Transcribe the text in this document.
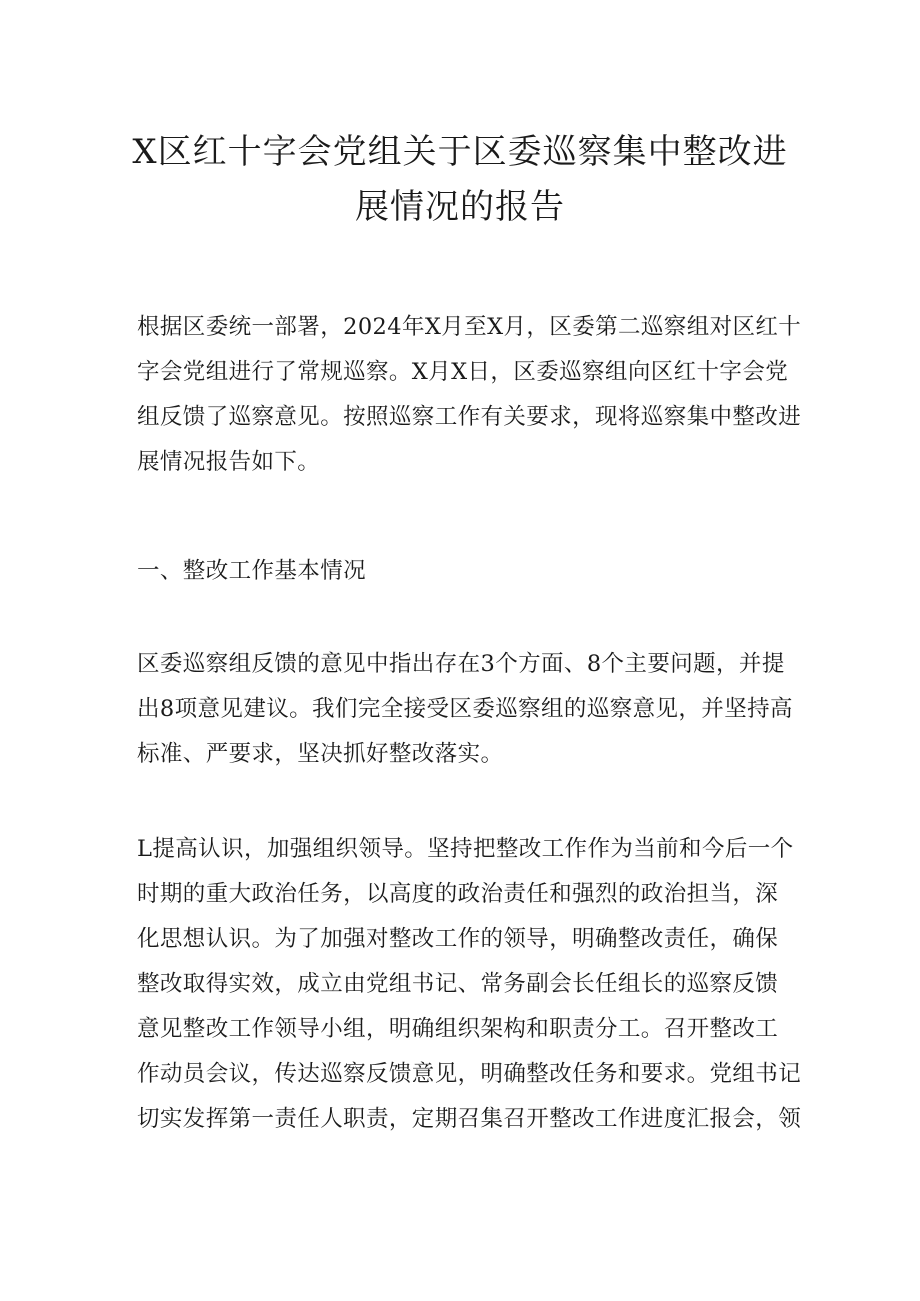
X区红十字会党组关于区委巡察集中整改进
展情况的报告

根据区委统一部署，2024年X月至X月，区委第二巡察组对区红十
字会党组进行了常规巡察。X月X日，区委巡察组向区红十字会党
组反馈了巡察意见。按照巡察工作有关要求，现将巡察集中整改进
展情况报告如下。

一、整改工作基本情况

区委巡察组反馈的意见中指出存在3个方面、8个主要问题，并提
出8项意见建议。我们完全接受区委巡察组的巡察意见，并坚持高
标准、严要求，坚决抓好整改落实。

L提高认识，加强组织领导。坚持把整改工作作为当前和今后一个
时期的重大政治任务，以高度的政治责任和强烈的政治担当，深
化思想认识。为了加强对整改工作的领导，明确整改责任，确保
整改取得实效，成立由党组书记、常务副会长任组长的巡察反馈
意见整改工作领导小组，明确组织架构和职责分工。召开整改工
作动员会议，传达巡察反馈意见，明确整改任务和要求。党组书记
切实发挥第一责任人职责，定期召集召开整改工作进度汇报会，领
